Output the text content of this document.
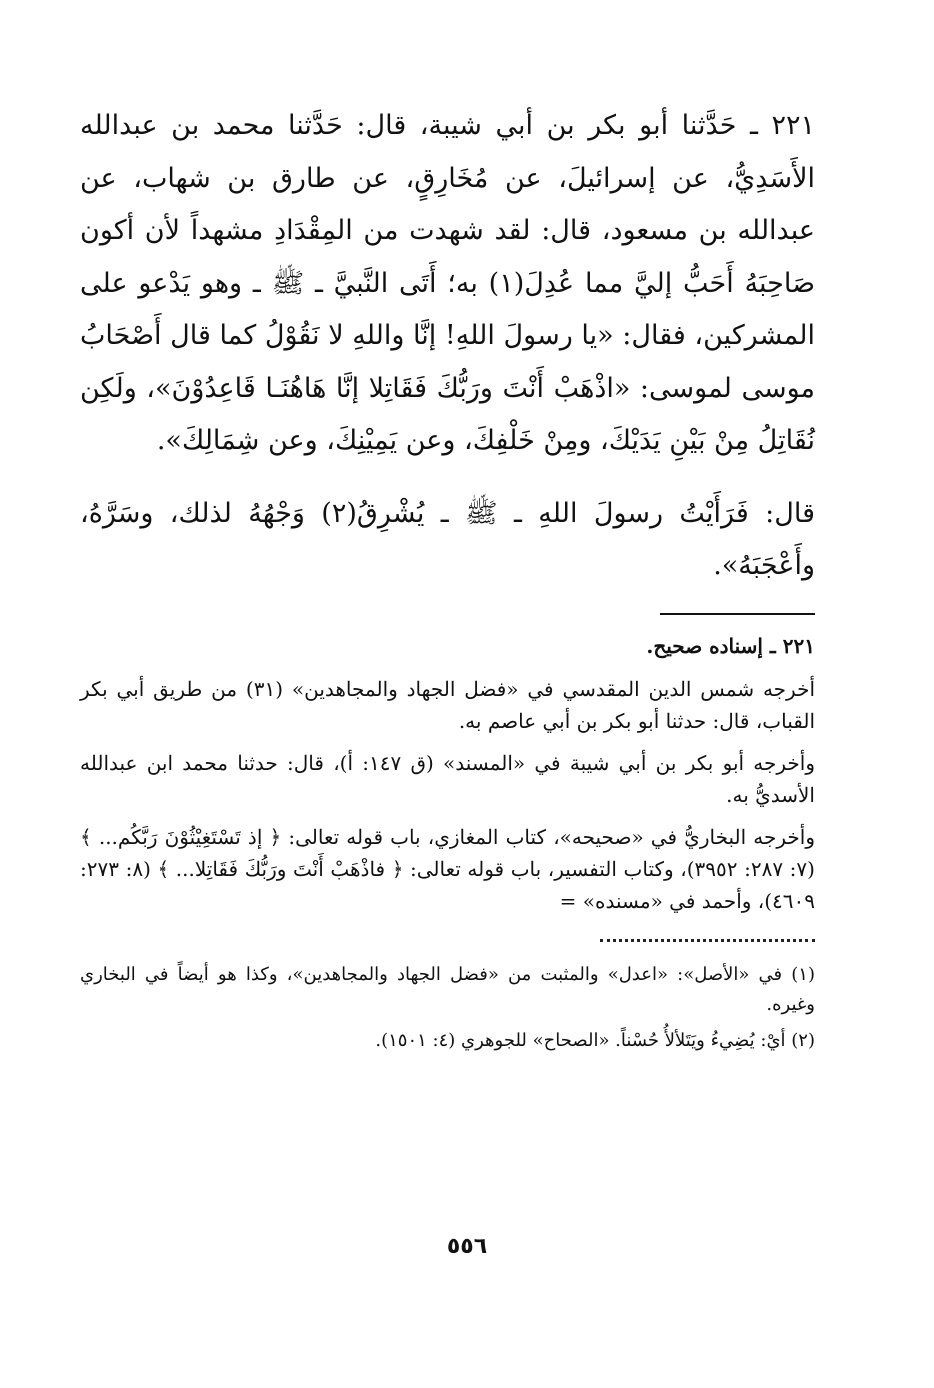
٢٢١ ـ حَدَّثنا أبو بكر بن أبي شيبة، قال: حَدَّثنا محمد بن عبدالله الأَسَدِيُّ، عن إسرائيلَ، عن مُخَارِقٍ، عن طارق بن شهاب، عن عبدالله بن مسعود، قال: لقد شهدت من المِقْدَادِ مشهداً لأن أكون صَاحِبَهُ أَحَبُّ إليَّ مما عُدِلَ(١) به؛ أَتَى النَّبيَّ ـ ﷺ ـ وهو يَدْعو على المشركين، فقال: «يا رسولَ اللهِ! إنَّا واللهِ لا نَقُوْلُ كما قال أَصْحَابُ موسى لموسى: «اذْهَبْ أَنْتَ ورَبُّكَ فَقَاتِلا إنَّا هَاهُنَـا قَاعِدُوْنَ»، ولَكِن نُقَاتِلُ مِنْ بَيْنِ يَدَيْكَ، ومِنْ خَلْفِكَ، وعن يَمِيْنِكَ، وعن شِمَالِكَ».

قال: فَرَأَيْتُ رسولَ اللهِ ـ ﷺ ـ يُشْرِقُ(٢) وَجْهُهُ لذلك، وسَرَّهُ، وأَعْجَبَهُ».

٢٢١ ـ إسناده صحيح.

أخرجه شمس الدين المقدسي في «فضل الجهاد والمجاهدين» (٣١) من طريق أبي بكر القباب، قال: حدثنا أبو بكر بن أبي عاصم به.

وأخرجه أبو بكر بن أبي شيبة في «المسند» (ق ١٤٧: أ)، قال: حدثنا محمد ابن عبدالله الأسديُّ به.

وأخرجه البخاريُّ في «صحيحه»، كتاب المغازي، باب قوله تعالى: ﴿ إذ تَسْتَغِيْثُوْنَ رَبَّكُم... ﴾ (٧: ٢٨٧: ٣٩٥٢)، وكتاب التفسير، باب قوله تعالى: ﴿ فاذْهَبْ أَنْتَ ورَبُّكَ فَقَاتِلا... ﴾ (٨: ٢٧٣: ٤٦٠٩)، وأحمد في «مسنده» =

(١) في «الأصل»: «اعدل» والمثبت من «فضل الجهاد والمجاهدين»، وكذا هو أيضاً في البخاري وغيره.

(٢) أيْ: يُضِيءُ ويَتَلألأُ حُسْناً. «الصحاح» للجوهري (٤: ١٥٠١).

٥٥٦
